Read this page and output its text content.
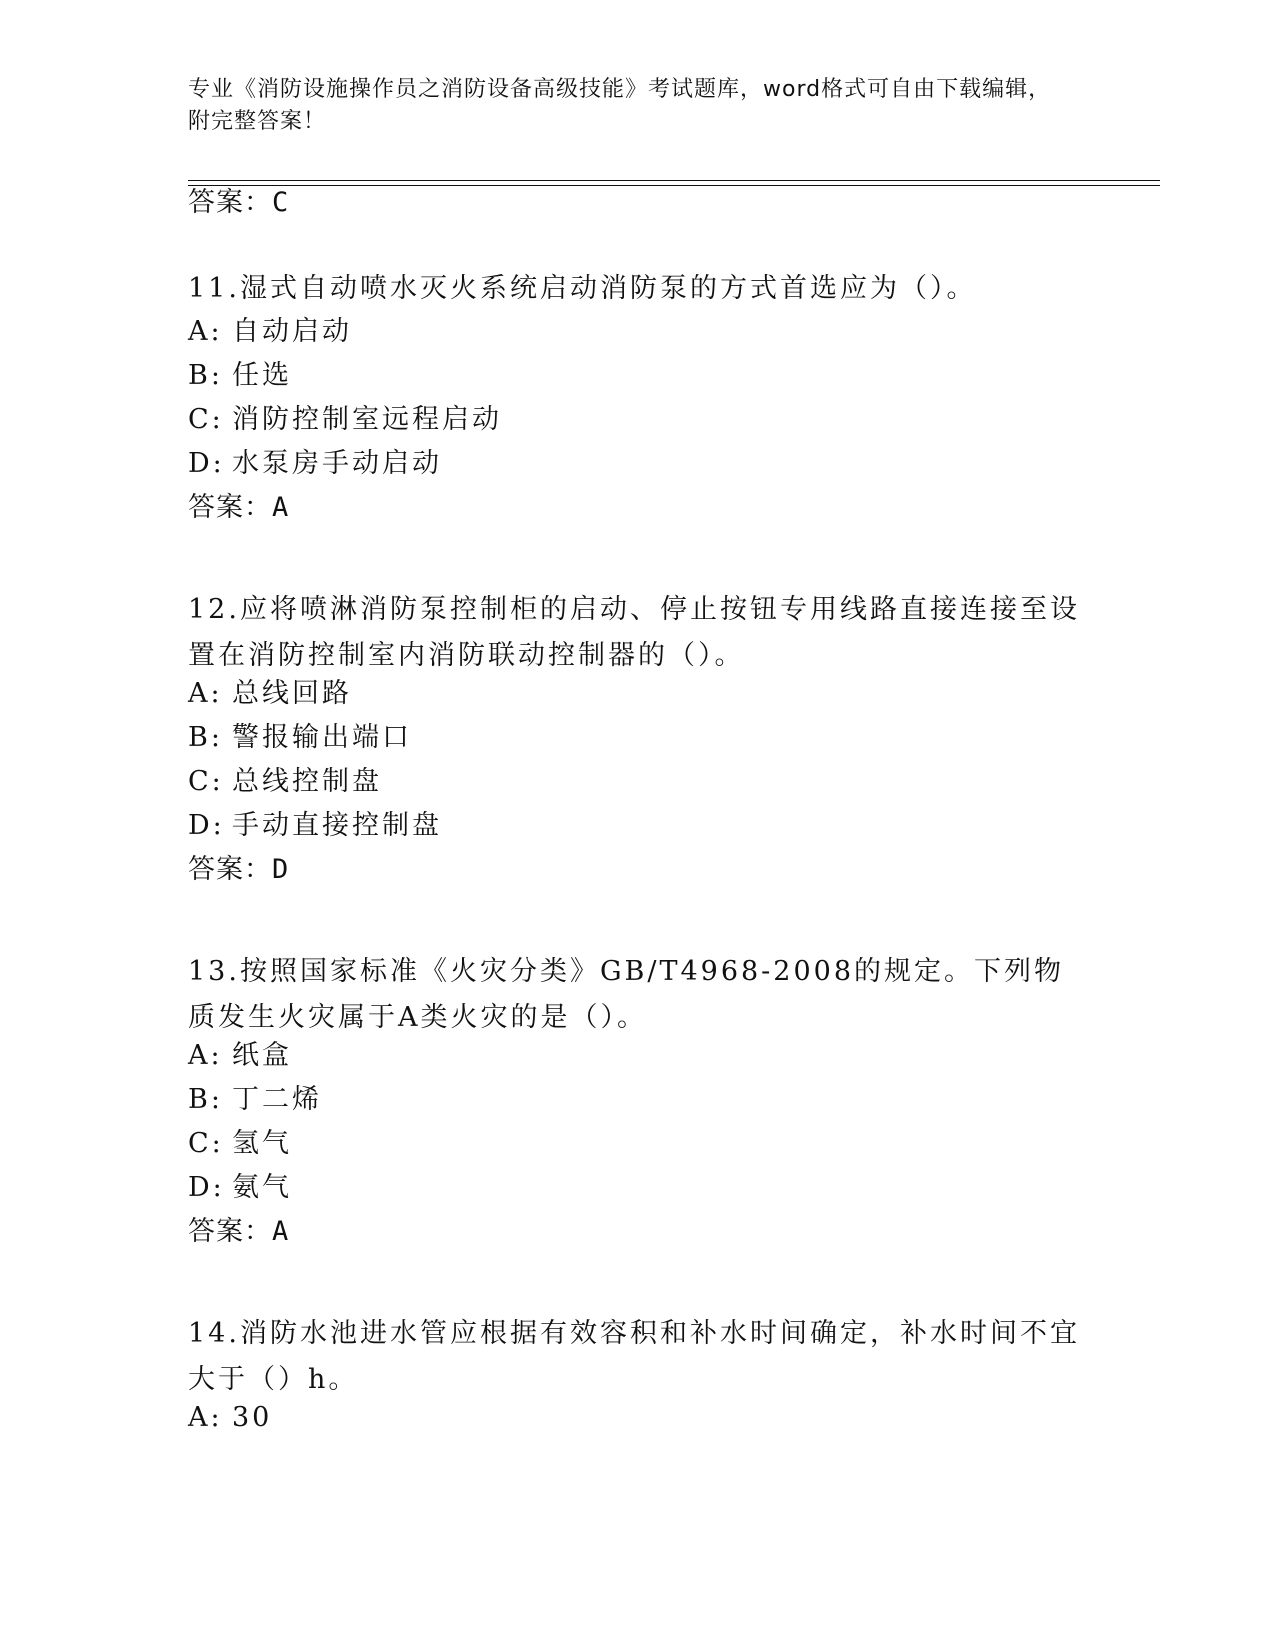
专业《消防设施操作员之消防设备高级技能》考试题库，word格式可自由下载编辑，附完整答案！
答案：C
11.湿式自动喷水灭火系统启动消防泵的方式首选应为（）。
A: 自动启动
B: 任选
C: 消防控制室远程启动
D: 水泵房手动启动
答案：A
12.应将喷淋消防泵控制柜的启动、停止按钮专用线路直接连接至设置在消防控制室内消防联动控制器的（）。
A: 总线回路
B: 警报输出端口
C: 总线控制盘
D: 手动直接控制盘
答案：D
13.按照国家标准《火灾分类》GB/T4968-2008的规定。下列物质发生火灾属于A类火灾的是（）。
A: 纸盒
B: 丁二烯
C: 氢气
D: 氨气
答案：A
14.消防水池进水管应根据有效容积和补水时间确定，补水时间不宜大于（）h。
A: 30
